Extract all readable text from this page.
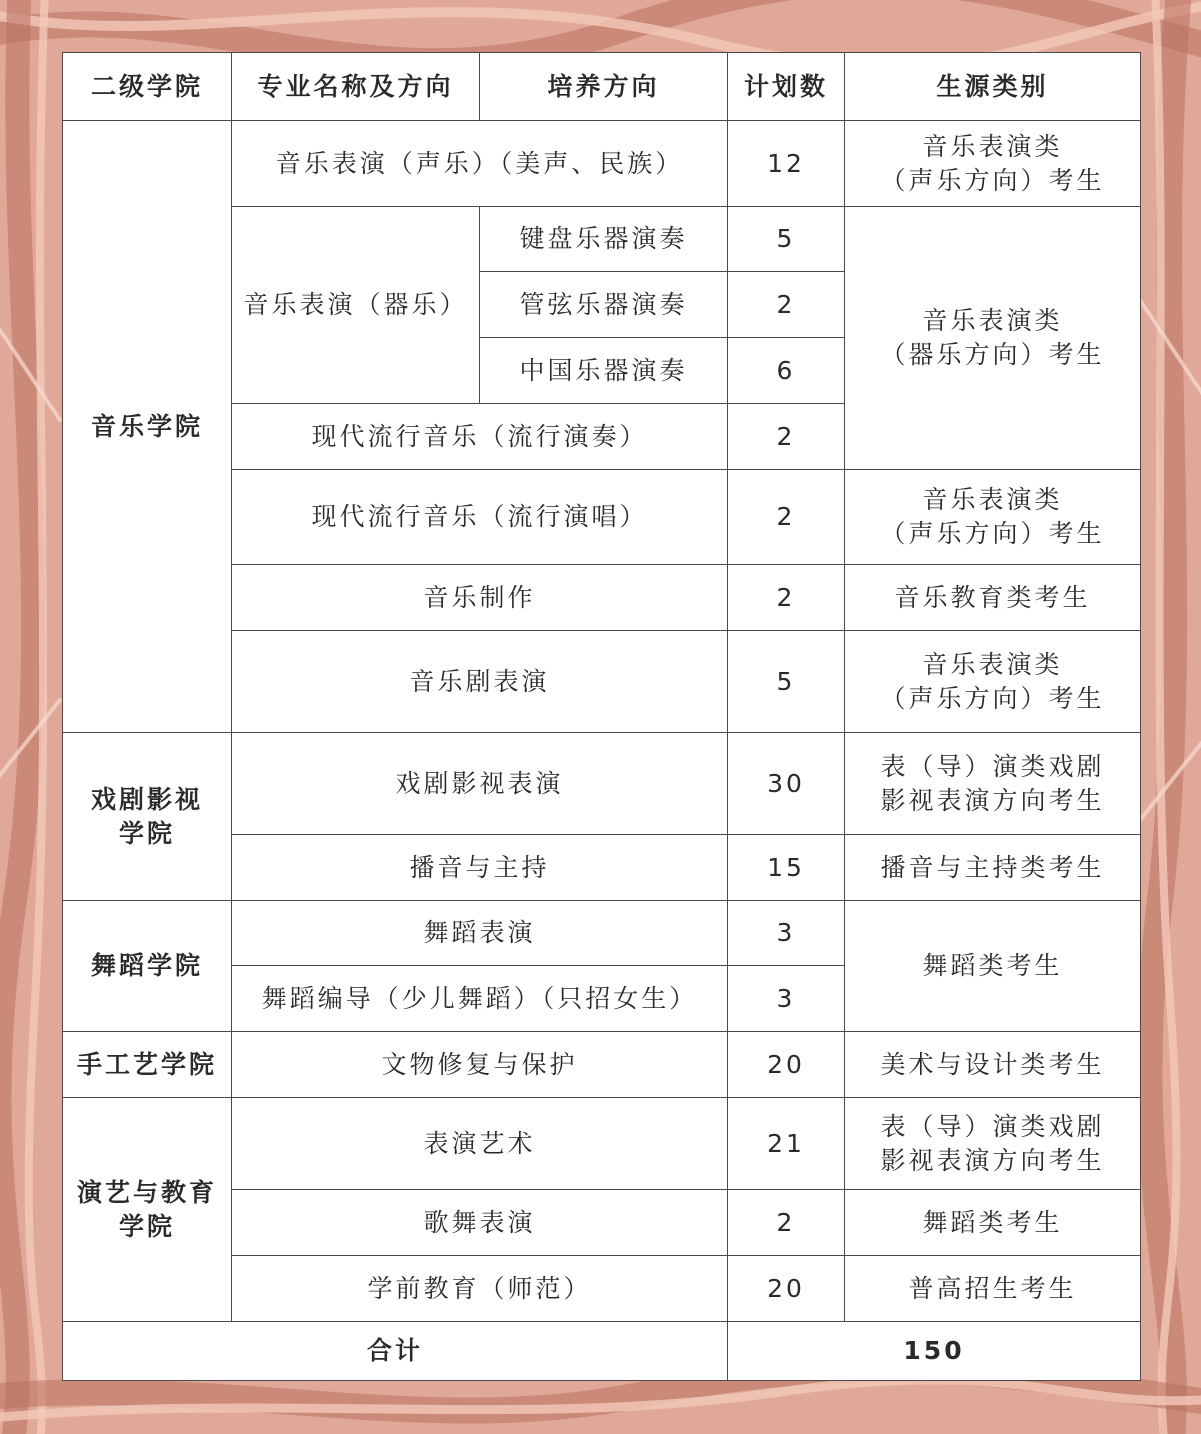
二级学院	专业名称及方向	培养方向	计划数	生源类别
音乐学院	音乐表演（声乐）（美声、民族）		12	音乐表演类
（声乐方向）考生

	音乐表演（器乐）	键盘乐器演奏	5	音乐表演类
（器乐方向）考生

		管弦乐器演奏	2	
		中国乐器演奏	6	
	现代流行音乐（流行演奏）		2	
	现代流行音乐（流行演唱）		2	音乐表演类
（声乐方向）考生

	音乐制作		2	音乐教育类考生
	音乐剧表演		5	音乐表演类
（声乐方向）考生

戏剧影视
学院	戏剧影视表演		30	表（导）演类戏剧
影视表演方向考生

	播音与主持		15	播音与主持类考生
舞蹈学院	舞蹈表演		3	舞蹈类考生
	舞蹈编导（少儿舞蹈）（只招女生）		3	
手工艺学院	文物修复与保护		20	美术与设计类考生

演艺与教育
学院	表演艺术		21	表（导）演类戏剧
影视表演方向考生

	歌舞表演		2	舞蹈类考生
	学前教育（师范）		20	普高招生考生
合计			150	
